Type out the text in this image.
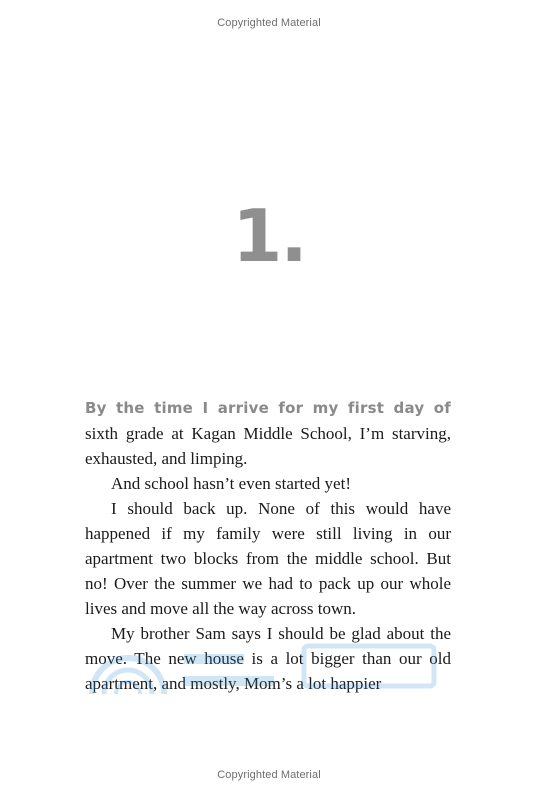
Copyrighted Material
1.

By the time I arrive for my first day of
sixth grade at Kagan Middle School, I’m starving, exhausted, and limping.

And school hasn’t even started yet!

I should back up. None of this would have happened if my family were still living in our apartment two blocks from the middle school. But no! Over the summer we had to pack up our whole lives and move all the way across town.

My brother Sam says I should be glad about the move. The new house is a lot bigger than our old apartment, and mostly, Mom’s a lot happier

Copyrighted Material
